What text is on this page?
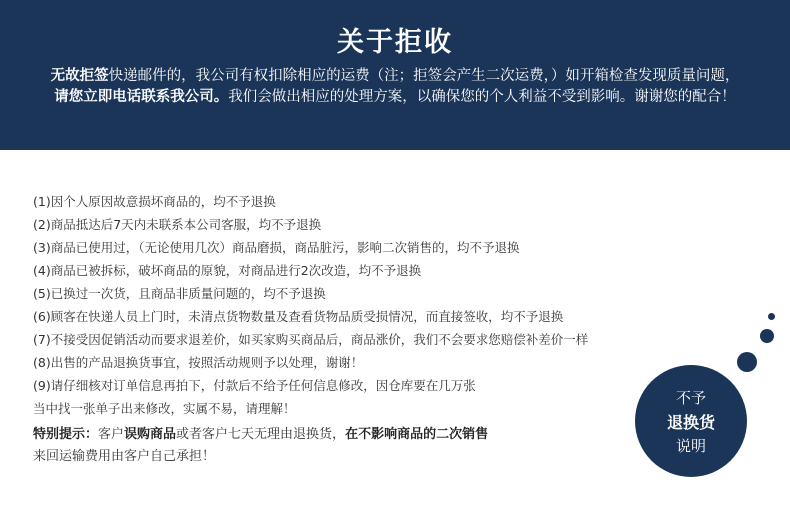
关于拒收
无故拒签快递邮件的，我公司有权扣除相应的运费（注；拒签会产生二次运费，）如开箱检查发现质量问题，请您立即电话联系我公司。我们会做出相应的处理方案，以确保您的个人利益不受到影响。谢谢您的配合！
(1)因个人原因故意损坏商品的，均不予退换
(2)商品抵达后7天内未联系本公司客服，均不予退换
(3)商品已使用过，（无论使用几次）商品磨损，商品脏污，影响二次销售的，均不予退换
(4)商品已被拆标，破坏商品的原貌，对商品进行2次改造，均不予退换
(5)已换过一次货，且商品非质量问题的，均不予退换
(6)顾客在快递人员上门时，未清点货物数量及查看货物品质受损情况，而直接签收，均不予退换
(7)不接受因促销活动而要求退差价，如买家购买商品后，商品涨价，我们不会要求您赔偿补差价一样
(8)出售的产品退换货事宜，按照活动规则予以处理，谢谢！
(9)请仔细核对订单信息再拍下，付款后不给予任何信息修改，因仓库要在几万张
当中找一张单子出来修改，实属不易，请理解！
特别提示：客户误购商品或者客户七天无理由退换货，在不影响商品的二次销售
来回运输费用由客户自己承担！
不予
退换货
说明
